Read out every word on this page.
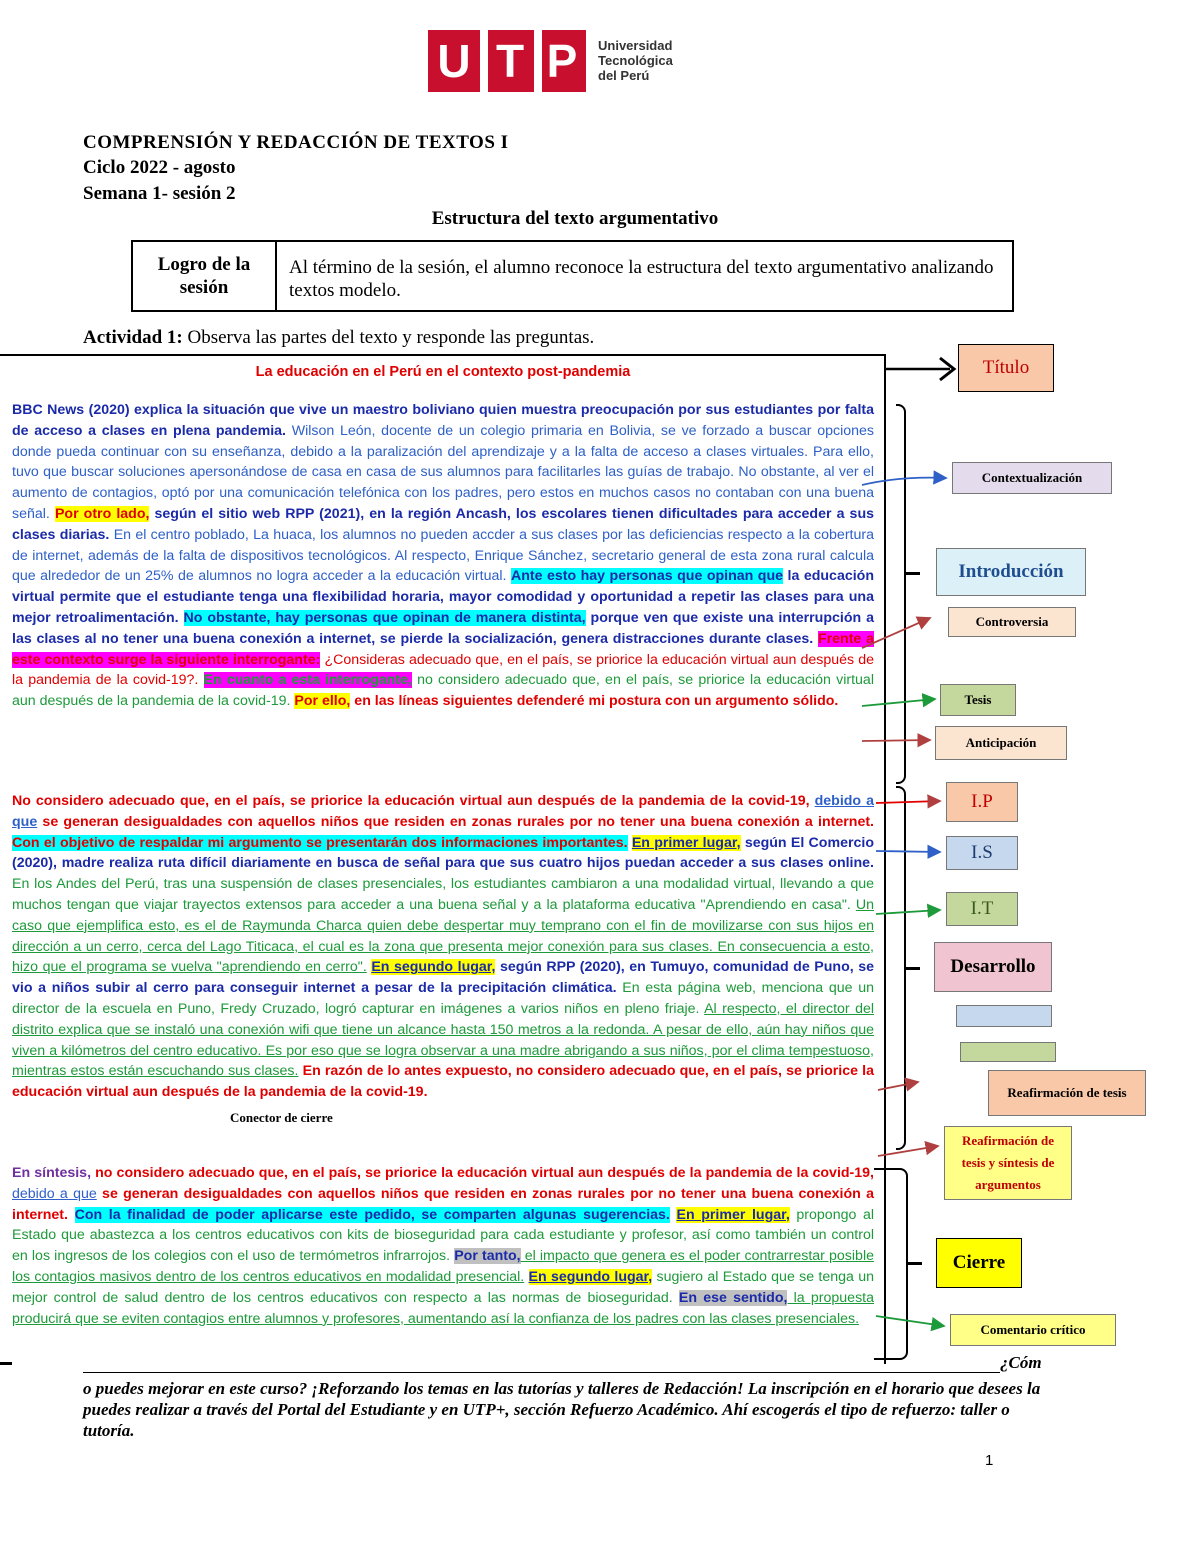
U T P	Universidad
Tecnológica
del Perú
COMPRENSIÓN Y REDACCIÓN DE TEXTOS I
Ciclo 2022 - agosto
Semana 1- sesión 2
Estructura del texto argumentativo
Logro de la sesión
Al término de la sesión, el alumno reconoce la estructura del texto argumentativo analizando textos modelo.
Actividad 1: Observa las partes del texto y responde las preguntas.
La educación en el Perú en el contexto post-pandemia
BBC News (2020) explica la situación que vive un maestro boliviano quien muestra preocupación por sus estudiantes por falta de acceso a clases en plena pandemia. Wilson León, docente de un colegio primaria en Bolivia, se ve forzado a buscar opciones donde pueda continuar con su enseñanza, debido a la paralización del aprendizaje y a la falta de acceso a clases virtuales. Para ello, tuvo que buscar soluciones apersonándose de casa en casa de sus alumnos para facilitarles las guías de trabajo. No obstante, al ver el aumento de contagios, optó por una comunicación telefónica con los padres, pero estos en muchos casos no contaban con una buena señal. Por otro lado, según el sitio web RPP (2021), en la región Ancash, los escolares tienen dificultades para acceder a sus clases diarias. En el centro poblado, La huaca, los alumnos no pueden accder a sus clases por las deficiencias respecto a la cobertura de internet, además de la falta de dispositivos tecnológicos. Al respecto, Enrique Sánchez, secretario general de esta zona rural calcula que alrededor de un 25% de alumnos no logra acceder a la educación virtual. Ante esto hay personas que opinan que la educación virtual permite que el estudiante tenga una flexibilidad horaria, mayor comodidad y oportunidad a repetir las clases para una mejor retroalimentación. No obstante, hay personas que opinan de manera distinta, porque ven que existe una interrupción a las clases al no tener una buena conexión a internet, se pierde la socialización, genera distracciones durante clases. Frente a este contexto surge la siguiente interrogante: ¿Consideras adecuado que, en el país, se priorice la educación virtual aun después de la pandemia de la covid-19?. En cuanto a esta interrogante, no considero adecuado que, en el país, se priorice la educación virtual aun después de la pandemia de la covid-19. Por ello, en las líneas siguientes defenderé mi postura con un argumento sólido.
No considero adecuado que, en el país, se priorice la educación virtual aun después de la pandemia de la covid-19, debido a que se generan desigualdades con aquellos niños que residen en zonas rurales por no tener una buena conexión a internet. Con el objetivo de respaldar mi argumento se presentarán dos informaciones importantes. En primer lugar, según El Comercio (2020), madre realiza ruta difícil diariamente en busca de señal para que sus cuatro hijos puedan acceder a sus clases online. En los Andes del Perú, tras una suspensión de clases presenciales, los estudiantes cambiaron a una modalidad virtual, llevando a que muchos tengan que viajar trayectos extensos para acceder a una buena señal y a la plataforma educativa "Aprendiendo en casa". Un caso que ejemplifica esto, es el de Raymunda Charca quien debe despertar muy temprano con el fin de movilizarse con sus hijos en dirección a un cerro, cerca del Lago Titicaca, el cual es la zona que presenta mejor conexión para sus clases. En consecuencia a esto, hizo que el programa se vuelva "aprendiendo en cerro". En segundo lugar, según RPP (2020), en Tumuyo, comunidad de Puno, se vio a niños subir al cerro para conseguir internet a pesar de la precipitación climática. En esta página web, menciona que un director de la escuela en Puno, Fredy Cruzado, logró capturar en imágenes a varios niños en pleno friaje. Al respecto, el director del distrito explica que se instaló una conexión wifi que tiene un alcance hasta 150 metros a la redonda. A pesar de ello, aún hay niños que viven a kilómetros del centro educativo. Es por eso que se logra observar a una madre abrigando a sus niños, por el clima tempestuoso, mientras estos están escuchando sus clases. En razón de lo antes expuesto, no considero adecuado que, en el país, se priorice la educación virtual aun después de la pandemia de la covid-19.
Conector de cierre
En síntesis, no considero adecuado que, en el país, se priorice la educación virtual aun después de la pandemia de la covid-19, debido a que se generan desigualdades con aquellos niños que residen en zonas rurales por no tener una buena conexión a internet. Con la finalidad de poder aplicarse este pedido, se comparten algunas sugerencias. En primer lugar, propongo al Estado que abastezca a los centros educativos con kits de bioseguridad para cada estudiante y profesor, así como también un control en los ingresos de los colegios con el uso de termómetros infrarrojos. Por tanto, el impacto que genera es el poder contrarrestar posible los contagios masivos dentro de los centros educativos en modalidad presencial. En segundo lugar, sugiero al Estado que se tenga un mejor control de salud dentro de los centros educativos con respecto a las normas de bioseguridad. En ese sentido, la propuesta producirá que se eviten contagios entre alumnos y profesores, aumentando así la confianza de los padres con las clases presenciales.
Título
Contextualización
Introducción
Controversia
Tesis
Anticipación
I.P
I.S
I.T
Desarrollo
Reafirmación de tesis
Reafirmación de tesis y síntesis de argumentos
Cierre
Comentario crítico
¿Cóm
o puedes mejorar en este curso? ¡Reforzando los temas en las tutorías y talleres de Redacción! La inscripción en el horario que desees la puedes realizar a través del Portal del Estudiante y en UTP+, sección Refuerzo Académico. Ahí escogerás el tipo de refuerzo: taller o tutoría.
1
